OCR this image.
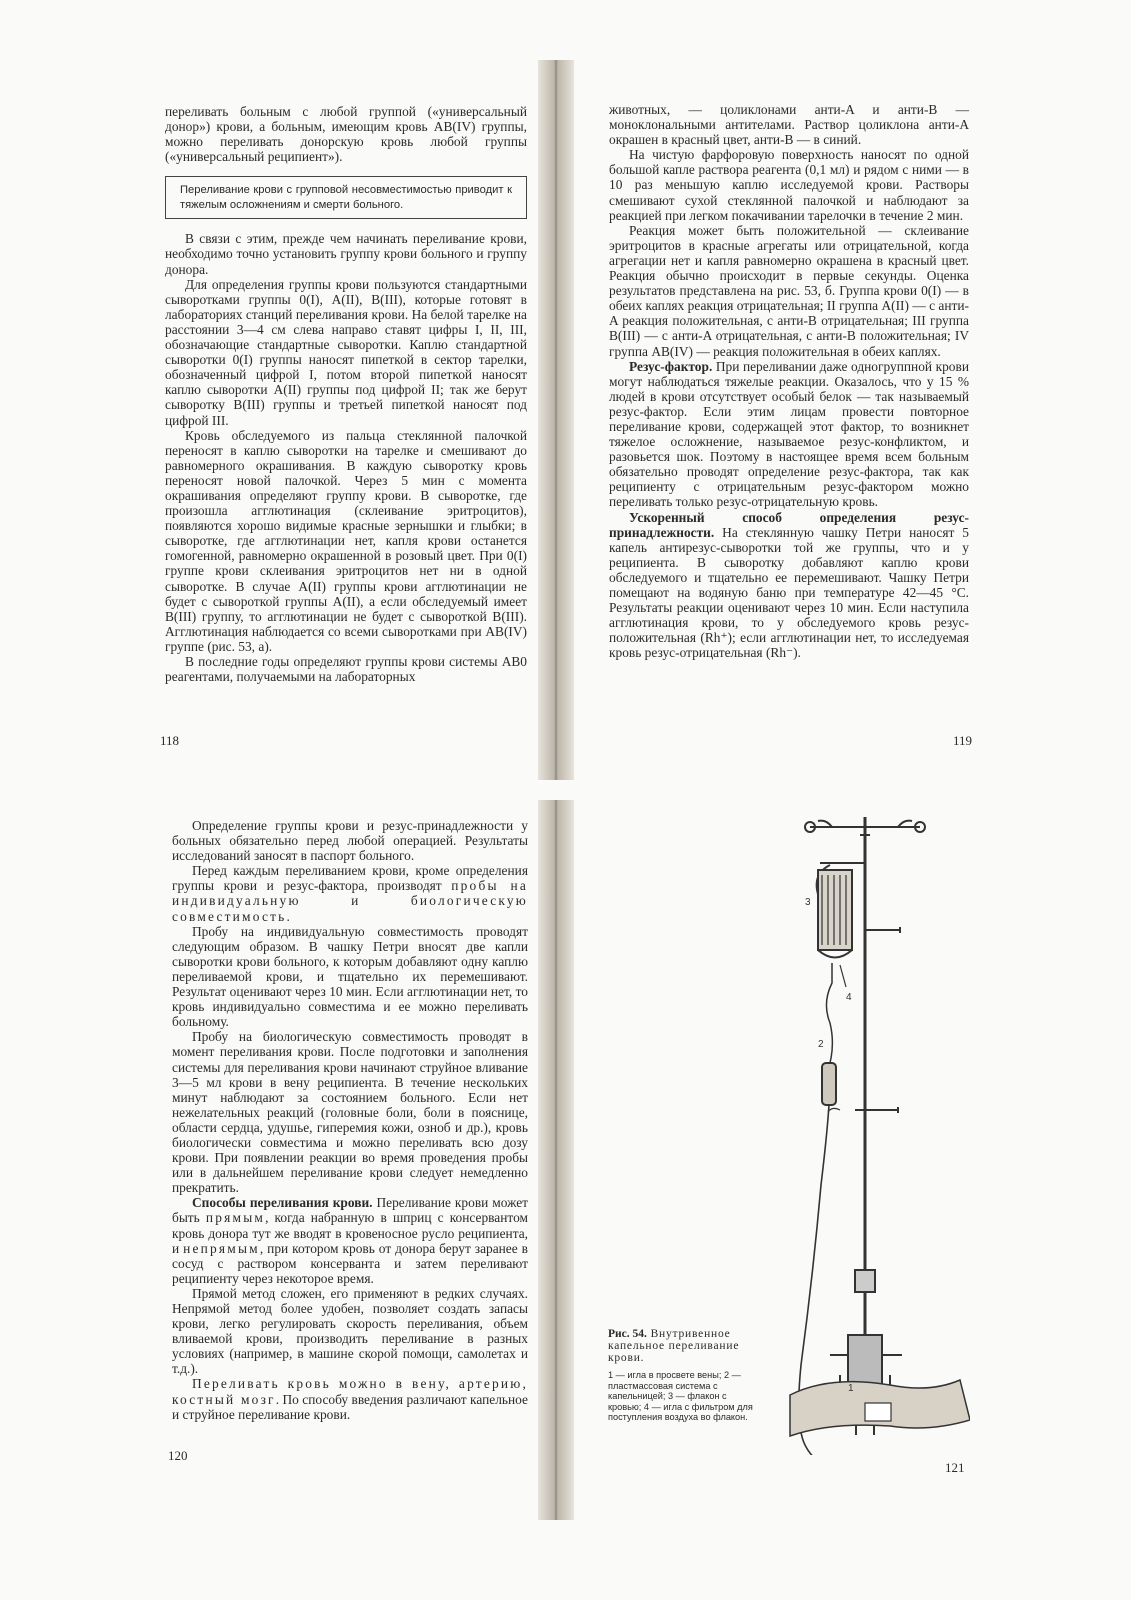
переливать больным с любой группой («универсальный донор») крови, а больным, имеющим кровь AB(IV) группы, можно переливать донорскую кровь любой группы («универсальный реципиент»).

Переливание крови с групповой несовместимостью приводит к тяжелым осложнениям и смерти больного.

В связи с этим, прежде чем начинать переливание крови, необходимо точно установить группу крови больного и группу донора.

Для определения группы крови пользуются стандартными сыворотками группы 0(I), A(II), B(III), которые готовят в лабораториях станций переливания крови. На белой тарелке на расстоянии 3—4 см слева направо ставят цифры I, II, III, обозначающие стандартные сыворотки. Каплю стандартной сыворотки 0(I) группы наносят пипеткой в сектор тарелки, обозначенный цифрой I, потом второй пипеткой наносят каплю сыворотки A(II) группы под цифрой II; так же берут сыворотку B(III) группы и третьей пипеткой наносят под цифрой III.

Кровь обследуемого из пальца стеклянной палочкой переносят в каплю сыворотки на тарелке и смешивают до равномерного окрашивания. В каждую сыворотку кровь переносят новой палочкой. Через 5 мин с момента окрашивания определяют группу крови. В сыворотке, где произошла агглютинация (склеивание эритроцитов), появляются хорошо видимые красные зернышки и глыбки; в сыворотке, где агглютинации нет, капля крови останется гомогенной, равномерно окрашенной в розовый цвет. При 0(I) группе крови склеивания эритроцитов нет ни в одной сыворотке. В случае A(II) группы крови агглютинации не будет с сывороткой группы A(II), а если обследуемый имеет B(III) группу, то агглютинации не будет с сывороткой B(III). Агглютинация наблюдается со всеми сыворотками при AB(IV) группе (рис. 53, а).

В последние годы определяют группы крови системы AB0 реагентами, получаемыми на лабораторных

118

животных, — цоликлонами анти-A и анти-B — моноклональными антителами. Раствор цоликлона анти-A окрашен в красный цвет, анти-B — в синий.

На чистую фарфоровую поверхность наносят по одной большой капле раствора реагента (0,1 мл) и рядом с ними — в 10 раз меньшую каплю исследуемой крови. Растворы смешивают сухой стеклянной палочкой и наблюдают за реакцией при легком покачивании тарелочки в течение 2 мин.

Реакция может быть положительной — склеивание эритроцитов в красные агрегаты или отрицательной, когда агрегации нет и капля равномерно окрашена в красный цвет. Реакция обычно происходит в первые секунды. Оценка результатов представлена на рис. 53, б. Группа крови 0(I) — в обеих каплях реакция отрицательная; II группа A(II) — с анти-A реакция положительная, с анти-B отрицательная; III группа B(III) — с анти-A отрицательная, с анти-B положительная; IV группа AB(IV) — реакция положительная в обеих каплях.

Резус-фактор. При переливании даже одногруппной крови могут наблюдаться тяжелые реакции. Оказалось, что у 15 % людей в крови отсутствует особый белок — так называемый резус-фактор. Если этим лицам провести повторное переливание крови, содержащей этот фактор, то возникнет тяжелое осложнение, называемое резус-конфликтом, и разовьется шок. Поэтому в настоящее время всем больным обязательно проводят определение резус-фактора, так как реципиенту с отрицательным резус-фактором можно переливать только резус-отрицательную кровь.

Ускоренный способ определения резус-принадлежности. На стеклянную чашку Петри наносят 5 капель антирезус-сыворотки той же группы, что и у реципиента. В сыворотку добавляют каплю крови обследуемого и тщательно ее перемешивают. Чашку Петри помещают на водяную баню при температуре 42—45 °C. Результаты реакции оценивают через 10 мин. Если наступила агглютинация крови, то у обследуемого кровь резус-положительная (Rh⁺); если агглютинации нет, то исследуемая кровь резус-отрицательная (Rh⁻).

119

Определение группы крови и резус-принадлежности у больных обязательно перед любой операцией. Результаты исследований заносят в паспорт больного.

Перед каждым переливанием крови, кроме определения группы крови и резус-фактора, производят пробы на индивидуальную и биологическую совместимость.

Пробу на индивидуальную совместимость проводят следующим образом. В чашку Петри вносят две капли сыворотки крови больного, к которым добавляют одну каплю переливаемой крови, и тщательно их перемешивают. Результат оценивают через 10 мин. Если агглютинации нет, то кровь индивидуально совместима и ее можно переливать больному.

Пробу на биологическую совместимость проводят в момент переливания крови. После подготовки и заполнения системы для переливания крови начинают струйное вливание 3—5 мл крови в вену реципиента. В течение нескольких минут наблюдают за состоянием больного. Если нет нежелательных реакций (головные боли, боли в пояснице, области сердца, удушье, гиперемия кожи, озноб и др.), кровь биологически совместима и можно переливать всю дозу крови. При появлении реакции во время проведения пробы или в дальнейшем переливание крови следует немедленно прекратить.

Способы переливания крови. Переливание крови может быть прямым, когда набранную в шприц с консервантом кровь донора тут же вводят в кровеносное русло реципиента, и непрямым, при котором кровь от донора берут заранее в сосуд с раствором консерванта и затем переливают реципиенту через некоторое время.

Прямой метод сложен, его применяют в редких случаях. Непрямой метод более удобен, позволяет создать запасы крови, легко регулировать скорость переливания, объем вливаемой крови, производить переливание в разных условиях (например, в машине скорой помощи, самолетах и т.д.).

Переливать кровь можно в вену, артерию, костный мозг. По способу введения различают капельное и струйное переливание крови.

120
3
4
2
1
Рис. 54. Внутривенное капельное переливание крови.
1 — игла в просвете вены; 2 — пластмассовая система с капельницей; 3 — флакон с кровью; 4 — игла с фильтром для поступления воздуха во флакон.
121
